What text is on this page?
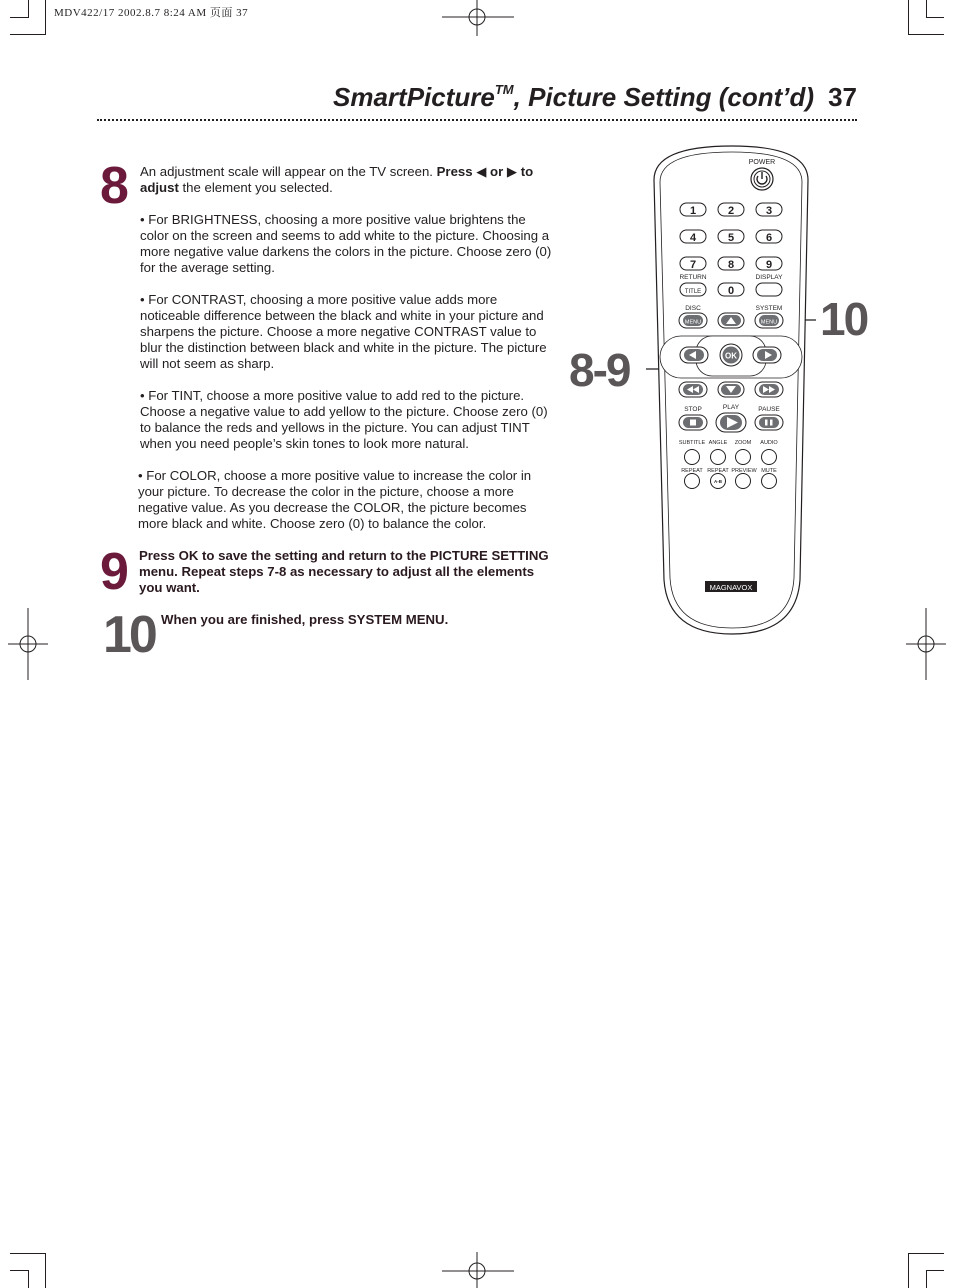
MDV422/17 2002.8.7 8:24 AM 页面 37
SmartPicture™, Picture Setting (cont’d) 37
8 An adjustment scale will appear on the TV screen. Press ◀ or ▶ to adjust the element you selected.

• For BRIGHTNESS, choosing a more positive value brightens the color on the screen and seems to add white to the picture. Choosing a more negative value darkens the colors in the picture. Choose zero (0) for the average setting.

• For CONTRAST, choosing a more positive value adds more noticeable difference between the black and white in your picture and sharpens the picture. Choose a more negative CONTRAST value to blur the distinction between black and white in the picture. The picture will not seem as sharp.

• For TINT, choose a more positive value to add red to the picture. Choose a negative value to add yellow to the picture. Choose zero (0) to balance the reds and yellows in the picture. You can adjust TINT when you need people’s skin tones to look more natural.

• For COLOR, choose a more positive value to increase the color in your picture. To decrease the color in the picture, choose a more negative value. As you decrease the COLOR, the picture becomes more black and white. Choose zero (0) to balance the color.

9 Press OK to save the setting and return to the PICTURE SETTING menu. Repeat steps 7-8 as necessary to adjust all the elements you want.
10 When you are finished, press SYSTEM MENU.
8-9
10
POWER
1	2	3
4	5	6
7	8	9
0
RETURN
TITLE
DISPLAY
DISC	SYSTEM
MENU	MENU
OK
STOP	PLAY	PAUSE
SUBTITLE ANGLE ZOOM AUDIO
REPEAT REPEAT PREVIEW MUTE
A-B
MAGNAVOX
